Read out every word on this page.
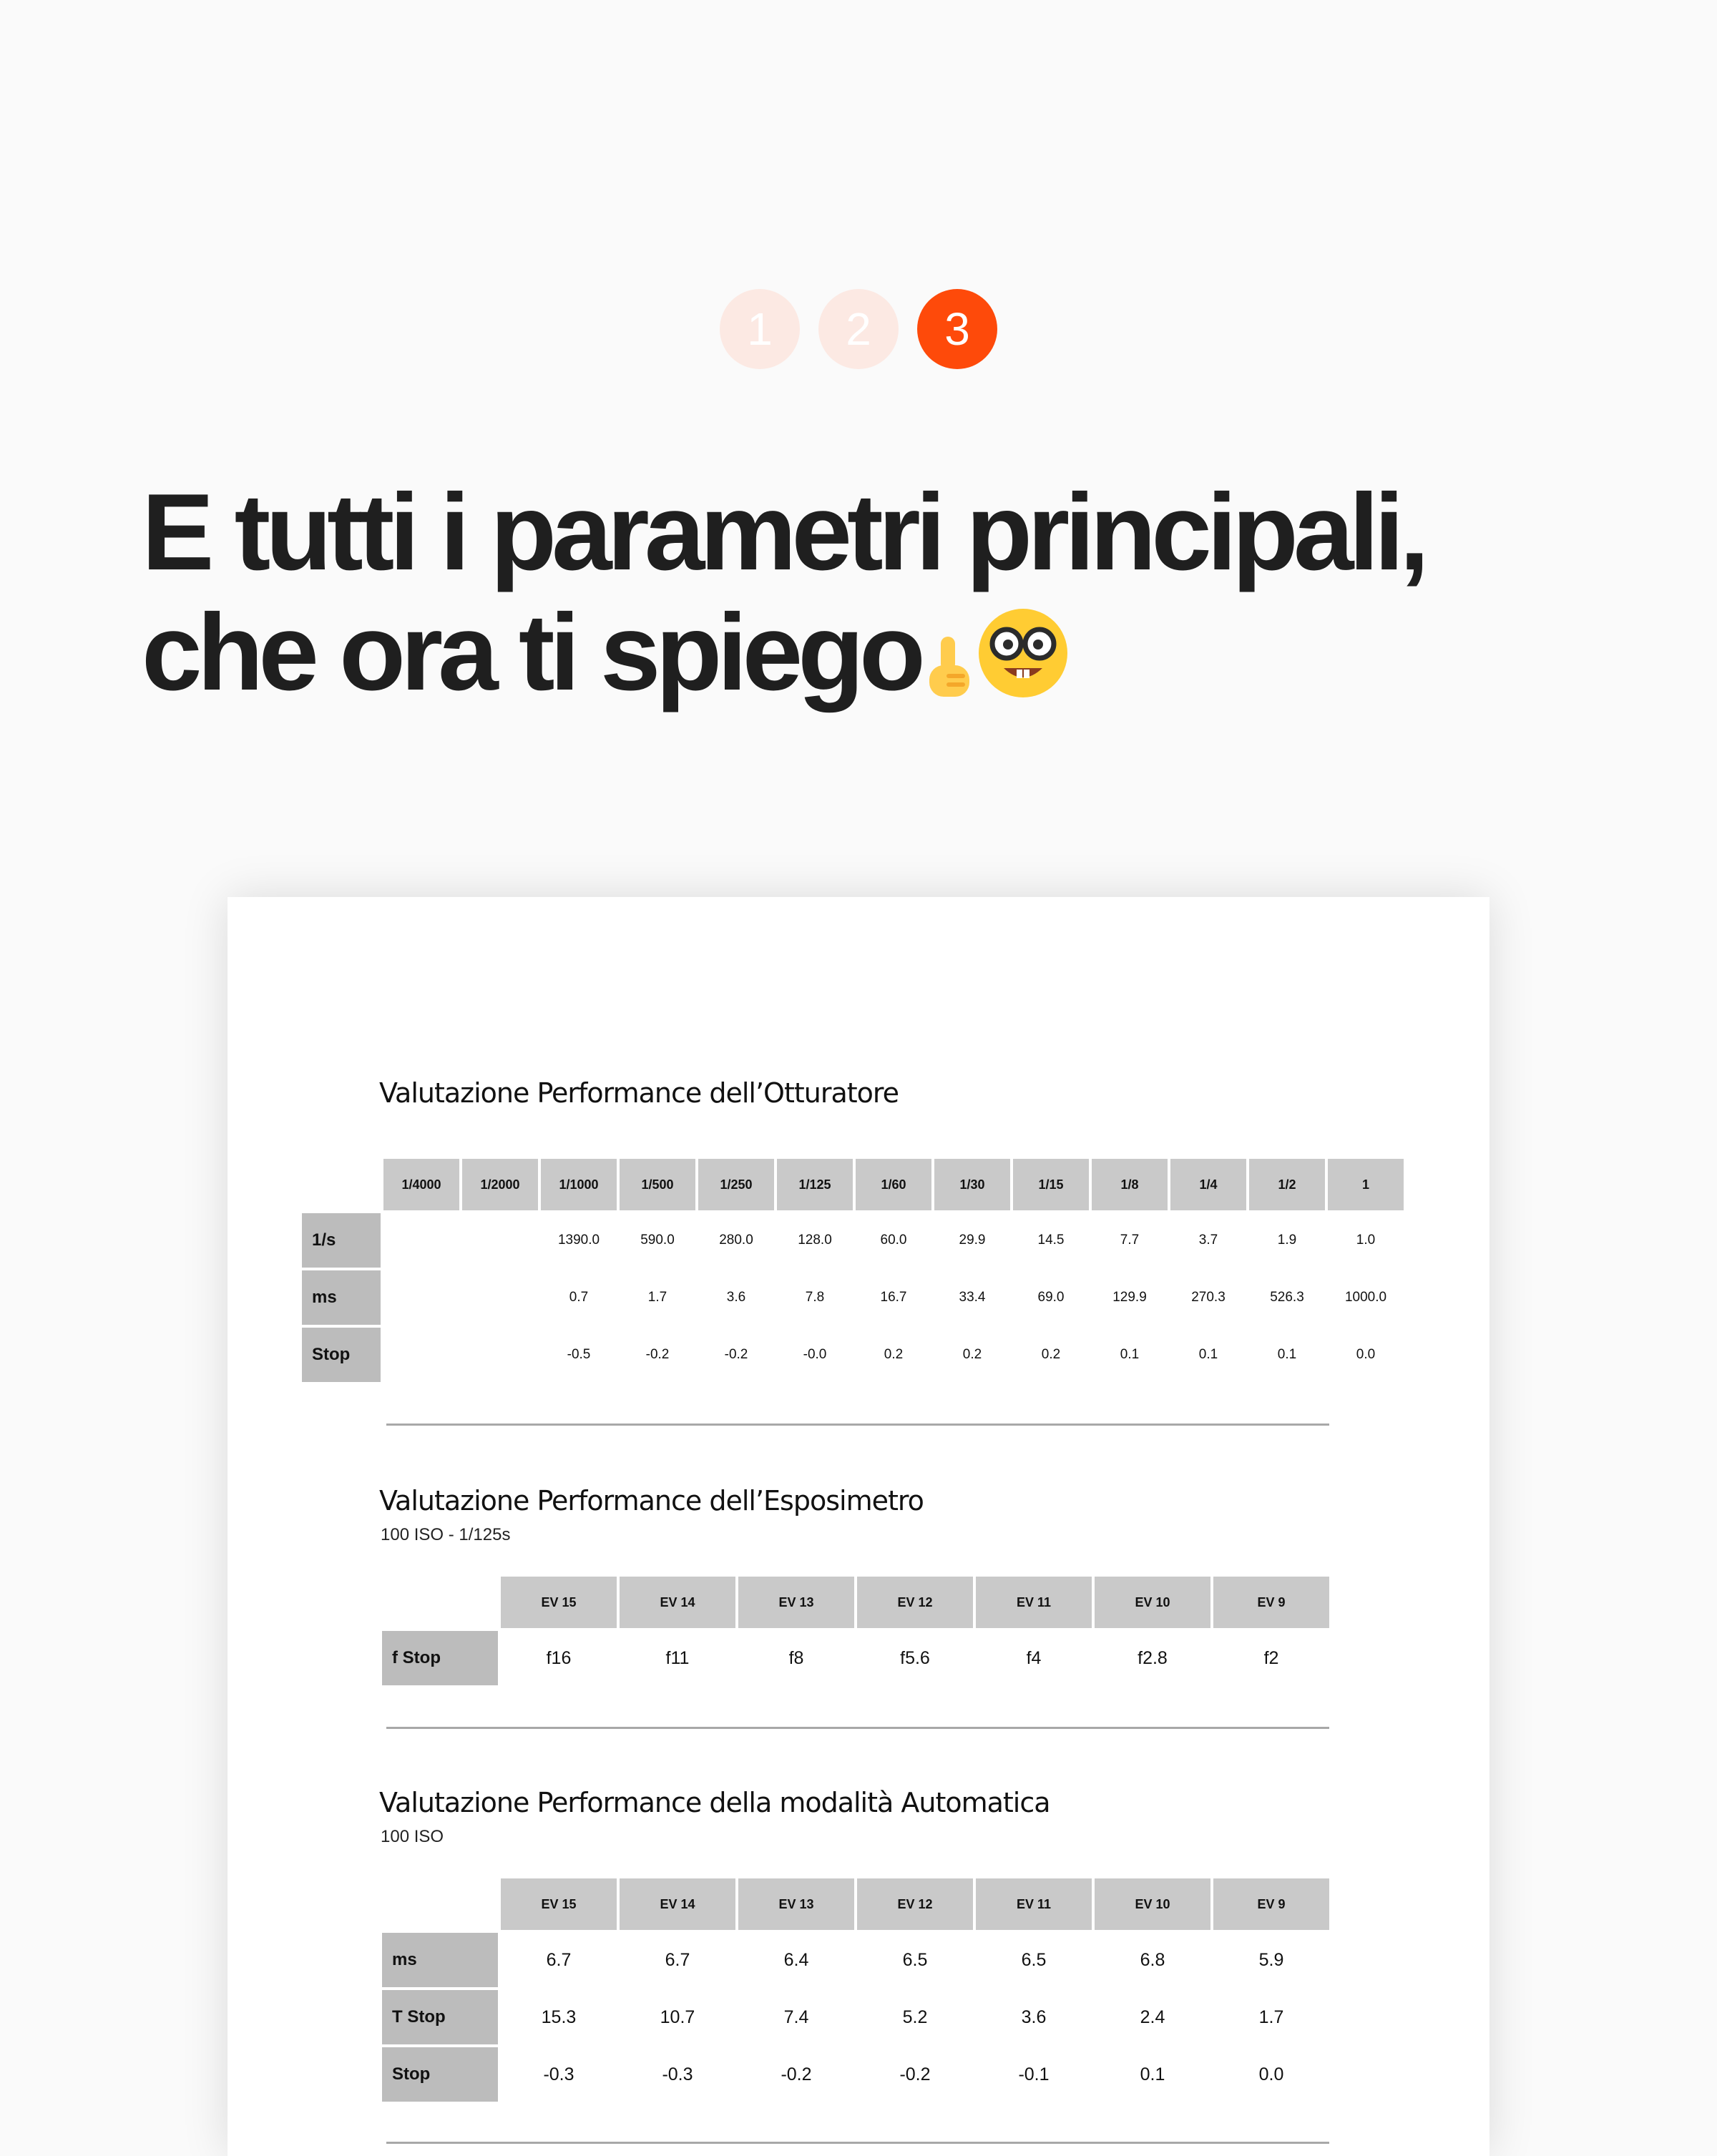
1	2	3
E tutti i parametri principali,
che ora ti spiego
Valutazione Performance dell’Otturatore
	1/4000	1/2000	1/1000	1/500	1/250	1/125	1/60	1/30	1/15	1/8	1/4	1/2	1
1/s			1390.0	590.0	280.0	128.0	60.0	29.9	14.5	7.7	3.7	1.9	1.0
ms			0.7	1.7	3.6	7.8	16.7	33.4	69.0	129.9	270.3	526.3	1000.0
Stop			-0.5	-0.2	-0.2	-0.0	0.2	0.2	0.2	0.1	0.1	0.1	0.0
Valutazione Performance dell’Esposimetro

100 ISO - 1/125s

	EV 15	EV 14	EV 13	EV 12	EV 11	EV 10	EV 9
f Stop	f16	f11	f8	f5.6	f4	f2.8	f2
Valutazione Performance della modalità Automatica

100 ISO

	EV 15	EV 14	EV 13	EV 12	EV 11	EV 10	EV 9
ms	6.7	6.7	6.4	6.5	6.5	6.8	5.9
T Stop	15.3	10.7	7.4	5.2	3.6	2.4	1.7
Stop	-0.3	-0.3	-0.2	-0.2	-0.1	0.1	0.0
